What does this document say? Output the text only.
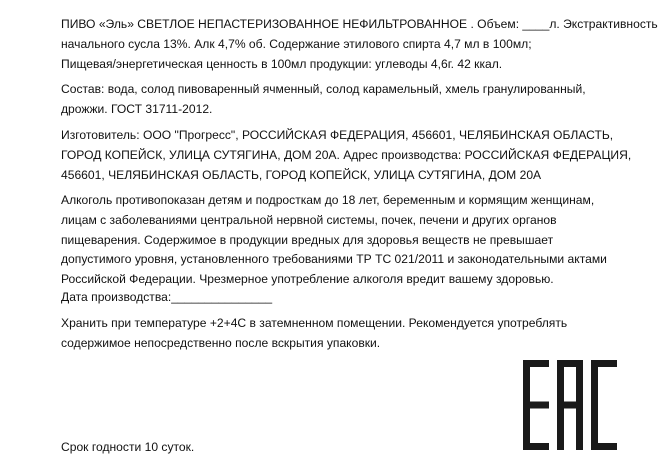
ПИВО «Эль» СВЕТЛОЕ НЕПАСТЕРИЗОВАННОЕ НЕФИЛЬТРОВАННОЕ . Объем: ____л. Экстрактивность
начального сусла 13%. Алк 4,7% об. Содержание этилового спирта 4,7 мл в 100мл;
Пищевая/энергетическая ценность в 100мл продукции: углеводы 4,6г. 42 ккал.

Состав: вода, солод пивоваренный ячменный, солод карамельный, хмель гранулированный,
дрожжи. ГОСТ 31711-2012.

Изготовитель: ООО "Прогресс", РОССИЙСКАЯ ФЕДЕРАЦИЯ, 456601, ЧЕЛЯБИНСКАЯ ОБЛАСТЬ,
ГОРОД КОПЕЙСК, УЛИЦА СУТЯГИНА, ДОМ 20А. Адрес производства: РОССИЙСКАЯ ФЕДЕРАЦИЯ,
456601, ЧЕЛЯБИНСКАЯ ОБЛАСТЬ, ГОРОД КОПЕЙСК, УЛИЦА СУТЯГИНА, ДОМ 20А

Алкоголь противопоказан детям и подросткам до 18 лет, беременным и кормящим женщинам,
лицам с заболеваниями центральной нервной системы, почек, печени и других органов
пищеварения. Содержимое в продукции вредных для здоровья веществ не превышает
допустимого уровня, установленного требованиями ТР ТС 021/2011 и законодательными актами
Российской Федерации. Чрезмерное употребление алкоголя вредит вашему здоровью.

Дата производства:_______________

Хранить при температуре +2+4С в затемненном помещении. Рекомендуется употреблять
содержимое непосредственно после вскрытия упаковки.

Срок годности 10 суток.
